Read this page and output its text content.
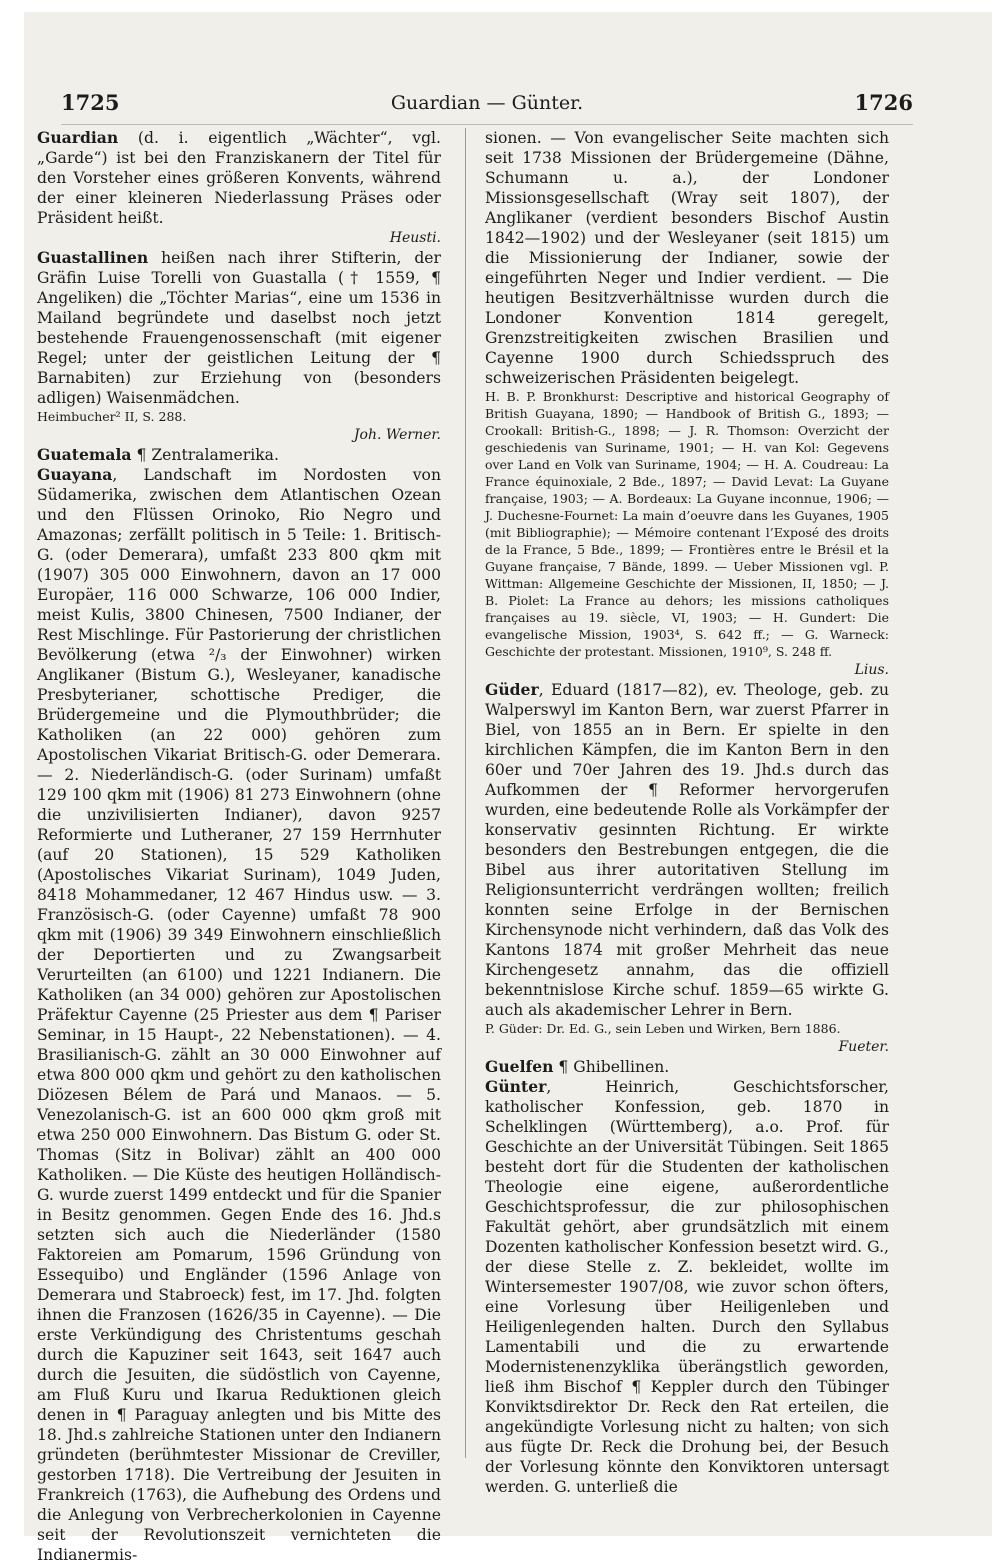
1725	Guardian — Günter.	1726

Guardian (d. i. eigentlich „Wächter“, vgl. „Garde“) ist bei den Franziskanern der Titel für den Vorsteher eines größeren Konvents, während der einer kleineren Niederlassung Präses oder Präsident heißt.

Heusti.

Guastallinen heißen nach ihrer Stifterin, der Gräfin Luise Torelli von Guastalla († 1559, ¶ Angeliken) die „Töchter Marias“, eine um 1536 in Mailand begründete und daselbst noch jetzt bestehende Frauengenossenschaft (mit eigener Regel; unter der geistlichen Leitung der ¶ Barnabiten) zur Erziehung von (besonders adligen) Waisenmädchen.

Heimbucher² II, S. 288.

Joh. Werner.

Guatemala ¶ Zentralamerika.

Guayana, Landschaft im Nordosten von Südamerika, zwischen dem Atlantischen Ozean und den Flüssen Orinoko, Rio Negro und Amazonas; zerfällt politisch in 5 Teile: 1. Britisch-G. (oder Demerara), umfaßt 233 800 qkm mit (1907) 305 000 Einwohnern, davon an 17 000 Europäer, 116 000 Schwarze, 106 000 Indier, meist Kulis, 3800 Chinesen, 7500 Indianer, der Rest Mischlinge. Für Pastorierung der christlichen Bevölkerung (etwa ²/₃ der Einwohner) wirken Anglikaner (Bistum G.), Wesleyaner, kanadische Presbyterianer, schottische Prediger, die Brüdergemeine und die Plymouthbrüder; die Katholiken (an 22 000) gehören zum Apostolischen Vikariat Britisch-G. oder Demerara. — 2. Niederländisch-G. (oder Surinam) umfaßt 129 100 qkm mit (1906) 81 273 Einwohnern (ohne die unzivilisierten Indianer), davon 9257 Reformierte und Lutheraner, 27 159 Herrnhuter (auf 20 Stationen), 15 529 Katholiken (Apostolisches Vikariat Surinam), 1049 Juden, 8418 Mohammedaner, 12 467 Hindus usw. — 3. Französisch-G. (oder Cayenne) umfaßt 78 900 qkm mit (1906) 39 349 Einwohnern einschließlich der Deportierten und zu Zwangsarbeit Verurteilten (an 6100) und 1221 Indianern. Die Katholiken (an 34 000) gehören zur Apostolischen Präfektur Cayenne (25 Priester aus dem ¶ Pariser Seminar, in 15 Haupt-, 22 Nebenstationen). — 4. Brasilianisch-G. zählt an 30 000 Einwohner auf etwa 800 000 qkm und gehört zu den katholischen Diözesen Bélem de Pará und Manaos. — 5. Venezolanisch-G. ist an 600 000 qkm groß mit etwa 250 000 Einwohnern. Das Bistum G. oder St. Thomas (Sitz in Bolivar) zählt an 400 000 Katholiken. — Die Küste des heutigen Holländisch-G. wurde zuerst 1499 entdeckt und für die Spanier in Besitz genommen. Gegen Ende des 16. Jhd.s setzten sich auch die Niederländer (1580 Faktoreien am Pomarum, 1596 Gründung von Essequibo) und Engländer (1596 Anlage von Demerara und Stabroeck) fest, im 17. Jhd. folgten ihnen die Franzosen (1626/35 in Cayenne). — Die erste Verkündigung des Christentums geschah durch die Kapuziner seit 1643, seit 1647 auch durch die Jesuiten, die südöstlich von Cayenne, am Fluß Kuru und Ikarua Reduktionen gleich denen in ¶ Paraguay anlegten und bis Mitte des 18. Jhd.s zahlreiche Stationen unter den Indianern gründeten (berühmtester Missionar de Creviller, gestorben 1718). Die Vertreibung der Jesuiten in Frankreich (1763), die Aufhebung des Ordens und die Anlegung von Verbrecherkolonien in Cayenne seit der Revolutionszeit vernichteten die Indianermis-

sionen. — Von evangelischer Seite machten sich seit 1738 Missionen der Brüdergemeine (Dähne, Schumann u. a.), der Londoner Missionsgesellschaft (Wray seit 1807), der Anglikaner (verdient besonders Bischof Austin 1842—1902) und der Wesleyaner (seit 1815) um die Missionierung der Indianer, sowie der eingeführten Neger und Indier verdient. — Die heutigen Besitzverhältnisse wurden durch die Londoner Konvention 1814 geregelt, Grenzstreitigkeiten zwischen Brasilien und Cayenne 1900 durch Schiedsspruch des schweizerischen Präsidenten beigelegt.

H. B. P. Bronkhurst: Descriptive and historical Geography of British Guayana, 1890; — Handbook of British G., 1893; — Crookall: British-G., 1898; — J. R. Thomson: Overzicht der geschiedenis van Suriname, 1901; — H. van Kol: Gegevens over Land en Volk van Suriname, 1904; — H. A. Coudreau: La France équinoxiale, 2 Bde., 1897; — David Levat: La Guyane française, 1903; — A. Bordeaux: La Guyane inconnue, 1906; — J. Duchesne-Fournet: La main d’oeuvre dans les Guyanes, 1905 (mit Bibliographie); — Mémoire contenant l’Exposé des droits de la France, 5 Bde., 1899; — Frontières entre le Brésil et la Guyane française, 7 Bände, 1899. — Ueber Missionen vgl. P. Wittman: Allgemeine Geschichte der Missionen, II, 1850; — J. B. Piolet: La France au dehors; les missions catholiques françaises au 19. siècle, VI, 1903; — H. Gundert: Die evangelische Mission, 1903⁴, S. 642 ff.; — G. Warneck: Geschichte der protestant. Missionen, 1910⁹, S. 248 ff.

Lius.

Güder, Eduard (1817—82), ev. Theologe, geb. zu Walperswyl im Kanton Bern, war zuerst Pfarrer in Biel, von 1855 an in Bern. Er spielte in den kirchlichen Kämpfen, die im Kanton Bern in den 60er und 70er Jahren des 19. Jhd.s durch das Aufkommen der ¶ Reformer hervorgerufen wurden, eine bedeutende Rolle als Vorkämpfer der konservativ gesinnten Richtung. Er wirkte besonders den Bestrebungen entgegen, die die Bibel aus ihrer autoritativen Stellung im Religionsunterricht verdrängen wollten; freilich konnten seine Erfolge in der Bernischen Kirchensynode nicht verhindern, daß das Volk des Kantons 1874 mit großer Mehrheit das neue Kirchengesetz annahm, das die offiziell bekenntnislose Kirche schuf. 1859—65 wirkte G. auch als akademischer Lehrer in Bern.

P. Güder: Dr. Ed. G., sein Leben und Wirken, Bern 1886.

Fueter.

Guelfen ¶ Ghibellinen.

Günter, Heinrich, Geschichtsforscher, katholischer Konfession, geb. 1870 in Schelklingen (Württemberg), a.o. Prof. für Geschichte an der Universität Tübingen. Seit 1865 besteht dort für die Studenten der katholischen Theologie eine eigene, außerordentliche Geschichtsprofessur, die zur philosophischen Fakultät gehört, aber grundsätzlich mit einem Dozenten katholischer Konfession besetzt wird. G., der diese Stelle z. Z. bekleidet, wollte im Wintersemester 1907/08, wie zuvor schon öfters, eine Vorlesung über Heiligenleben und Heiligenlegenden halten. Durch den Syllabus Lamentabili und die zu erwartende Modernistenenzyklika überängstlich geworden, ließ ihm Bischof ¶ Keppler durch den Tübinger Konviktsdirektor Dr. Reck den Rat erteilen, die angekündigte Vorlesung nicht zu halten; von sich aus fügte Dr. Reck die Drohung bei, der Besuch der Vorlesung könnte den Konviktoren untersagt werden. G. unterließ die
